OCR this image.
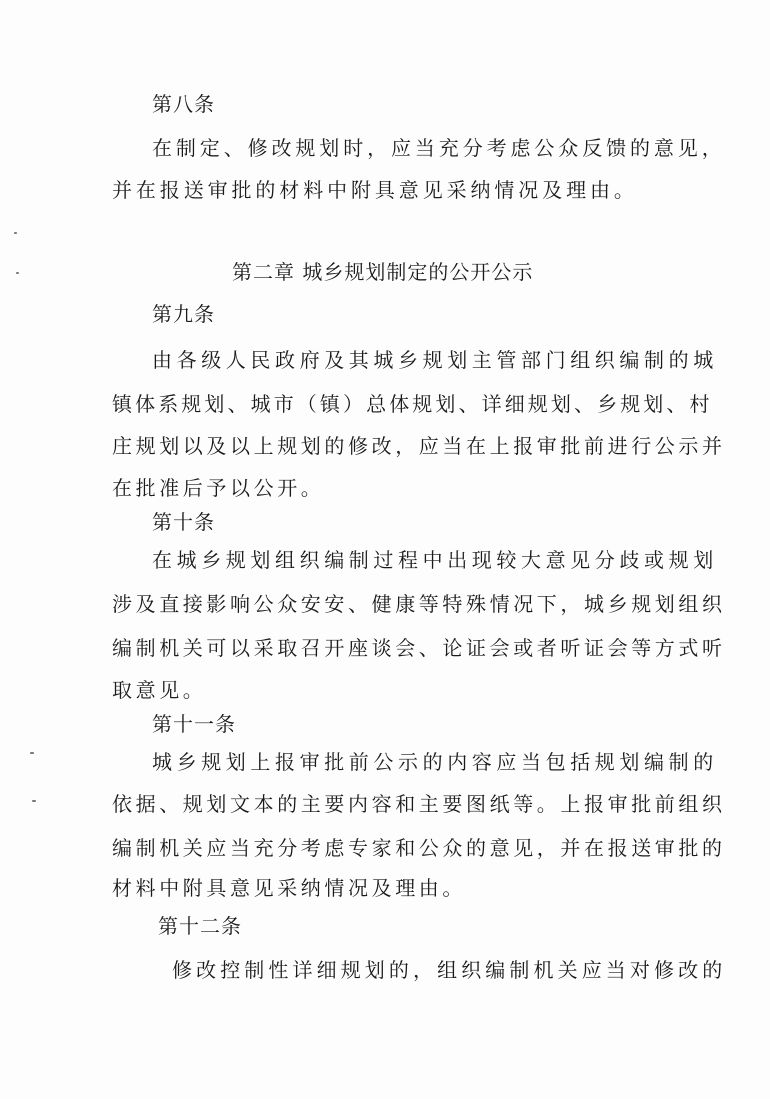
第八条
在制定、修改规划时，应当充分考虑公众反馈的意见，
并在报送审批的材料中附具意见采纳情况及理由。
第二章 城乡规划制定的公开公示
第九条
由各级人民政府及其城乡规划主管部门组织编制的城
镇体系规划、城市（镇）总体规划、详细规划、乡规划、村
庄规划以及以上规划的修改，应当在上报审批前进行公示并
在批准后予以公开。
第十条
在城乡规划组织编制过程中出现较大意见分歧或规划
涉及直接影响公众安安、健康等特殊情况下，城乡规划组织
编制机关可以采取召开座谈会、论证会或者听证会等方式听
取意见。
第十一条
城乡规划上报审批前公示的内容应当包括规划编制的
依据、规划文本的主要内容和主要图纸等。上报审批前组织
编制机关应当充分考虑专家和公众的意见，并在报送审批的
材料中附具意见采纳情况及理由。
第十二条
修改控制性详细规划的，组织编制机关应当对修改的
